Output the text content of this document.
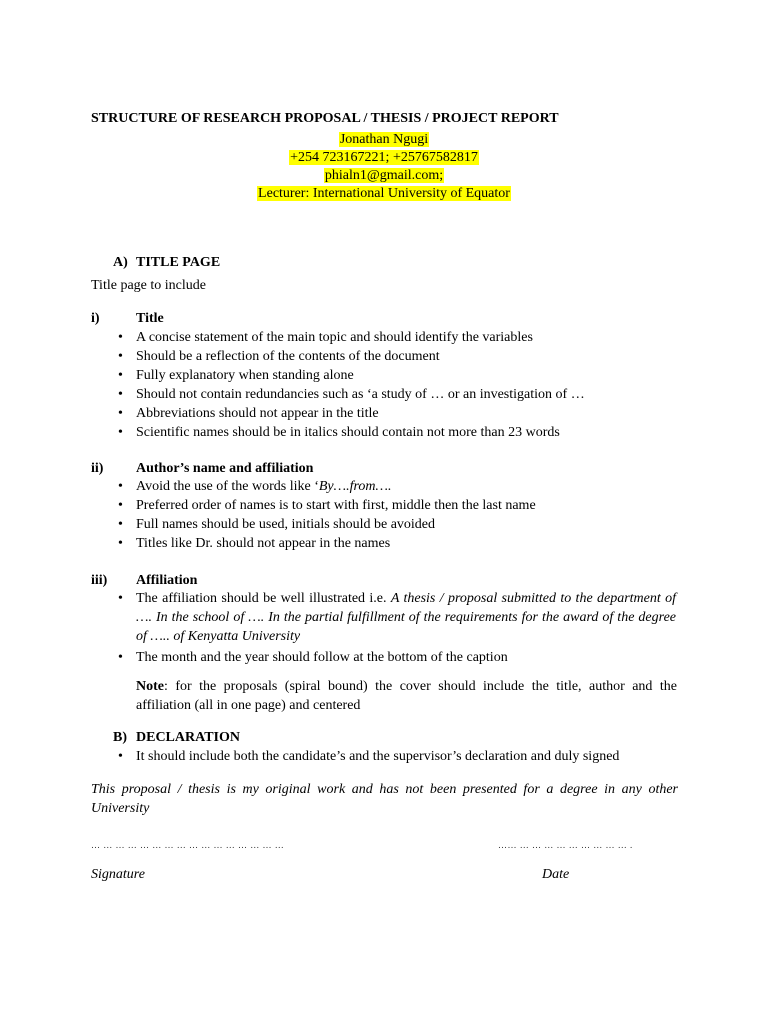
STRUCTURE OF RESEARCH PROPOSAL / THESIS / PROJECT REPORT
Jonathan Ngugi
+254 723167221; +25767582817
phialn1@gmail.com;
Lecturer: International University of Equator
A) TITLE PAGE
Title page to include
i)	Title
• A concise statement of the main topic and should identify the variables
• Should be a reflection of the contents of the document
• Fully explanatory when standing alone
• Should not contain redundancies such as ‘a study of … or an investigation of …
• Abbreviations should not appear in the title
• Scientific names should be in italics should contain not more than 23 words
ii) Author’s name and affiliation
• Avoid the use of the words like ‘By….from….
• Preferred order of names is to start with first, middle then the last name
• Full names should be used, initials should be avoided
• Titles like Dr. should not appear in the names
iii) Affiliation
• The affiliation should be well illustrated i.e. A thesis / proposal submitted to the department of …. In the school of …. In the partial fulfillment of the requirements for the award of the degree of ….. of Kenyatta University
• The month and the year should follow at the bottom of the caption
Note: for the proposals (spiral bound) the cover should include the title, author and the affiliation (all in one page) and centered
B) DECLARATION
• It should include both the candidate’s and the supervisor’s declaration and duly signed
This proposal / thesis is my original work and has not been presented for a degree in any other University
… … … … … … … … … … … … … … … …	…… … … … … … … … … … .
Signature	Date
